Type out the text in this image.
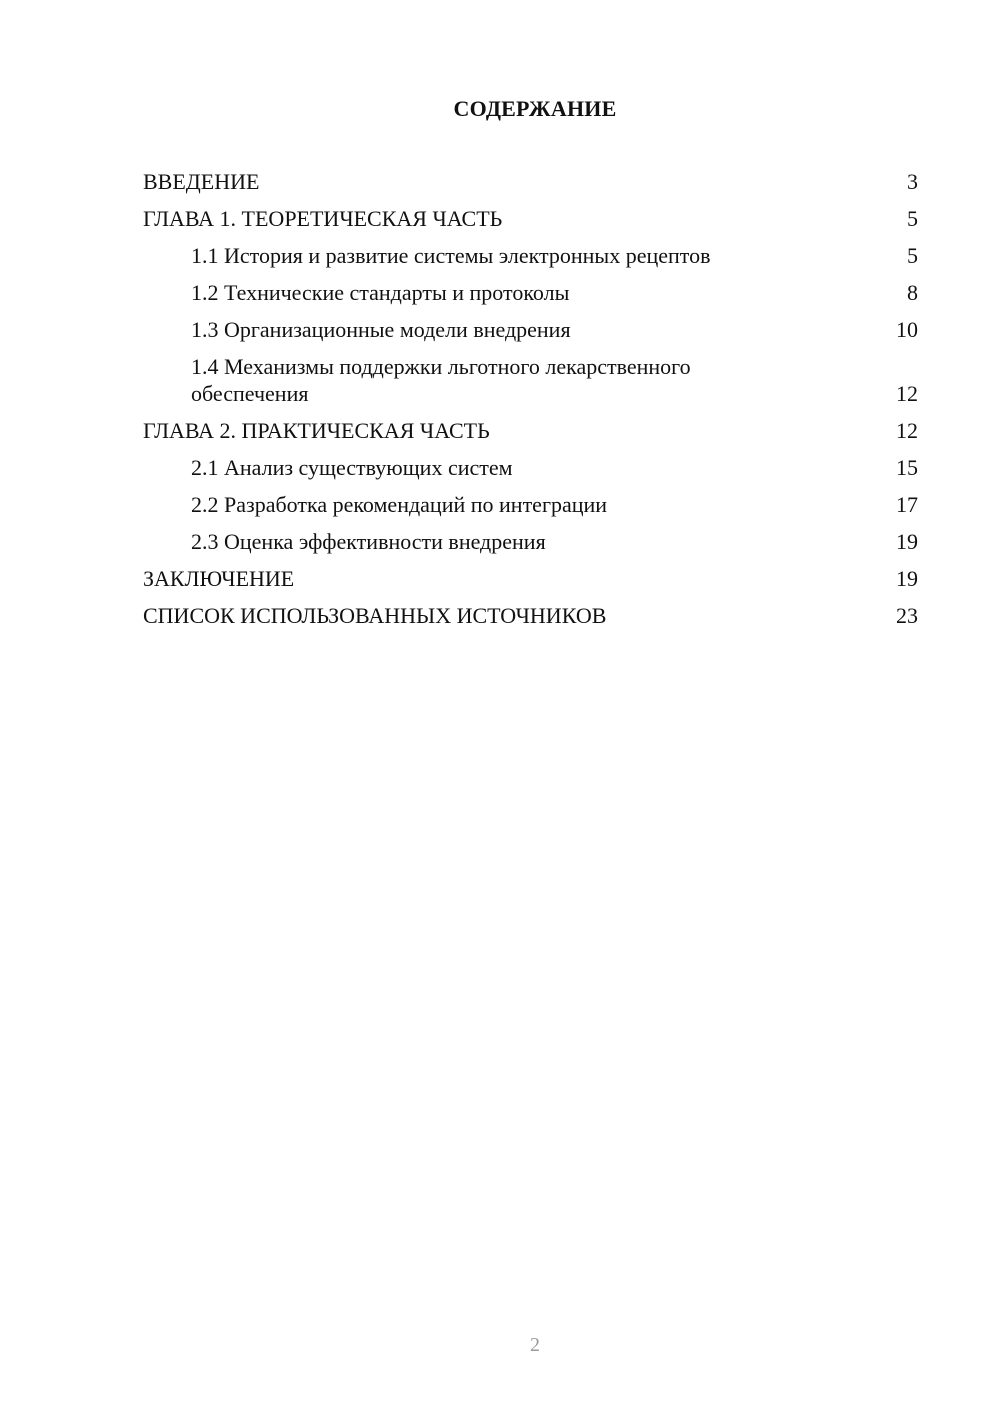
СОДЕРЖАНИЕ
ВВЕДЕНИЕ	3
ГЛАВА 1. ТЕОРЕТИЧЕСКАЯ ЧАСТЬ	5
1.1 История и развитие системы электронных рецептов	5
1.2 Технические стандарты и протоколы	8
1.3 Организационные модели внедрения	10
1.4 Механизмы поддержки льготного лекарственного обеспечения	12
ГЛАВА 2. ПРАКТИЧЕСКАЯ ЧАСТЬ	12
2.1 Анализ существующих систем	15
2.2 Разработка рекомендаций по интеграции	17
2.3 Оценка эффективности внедрения	19
ЗАКЛЮЧЕНИЕ	19
СПИСОК ИСПОЛЬЗОВАННЫХ ИСТОЧНИКОВ	23
2
